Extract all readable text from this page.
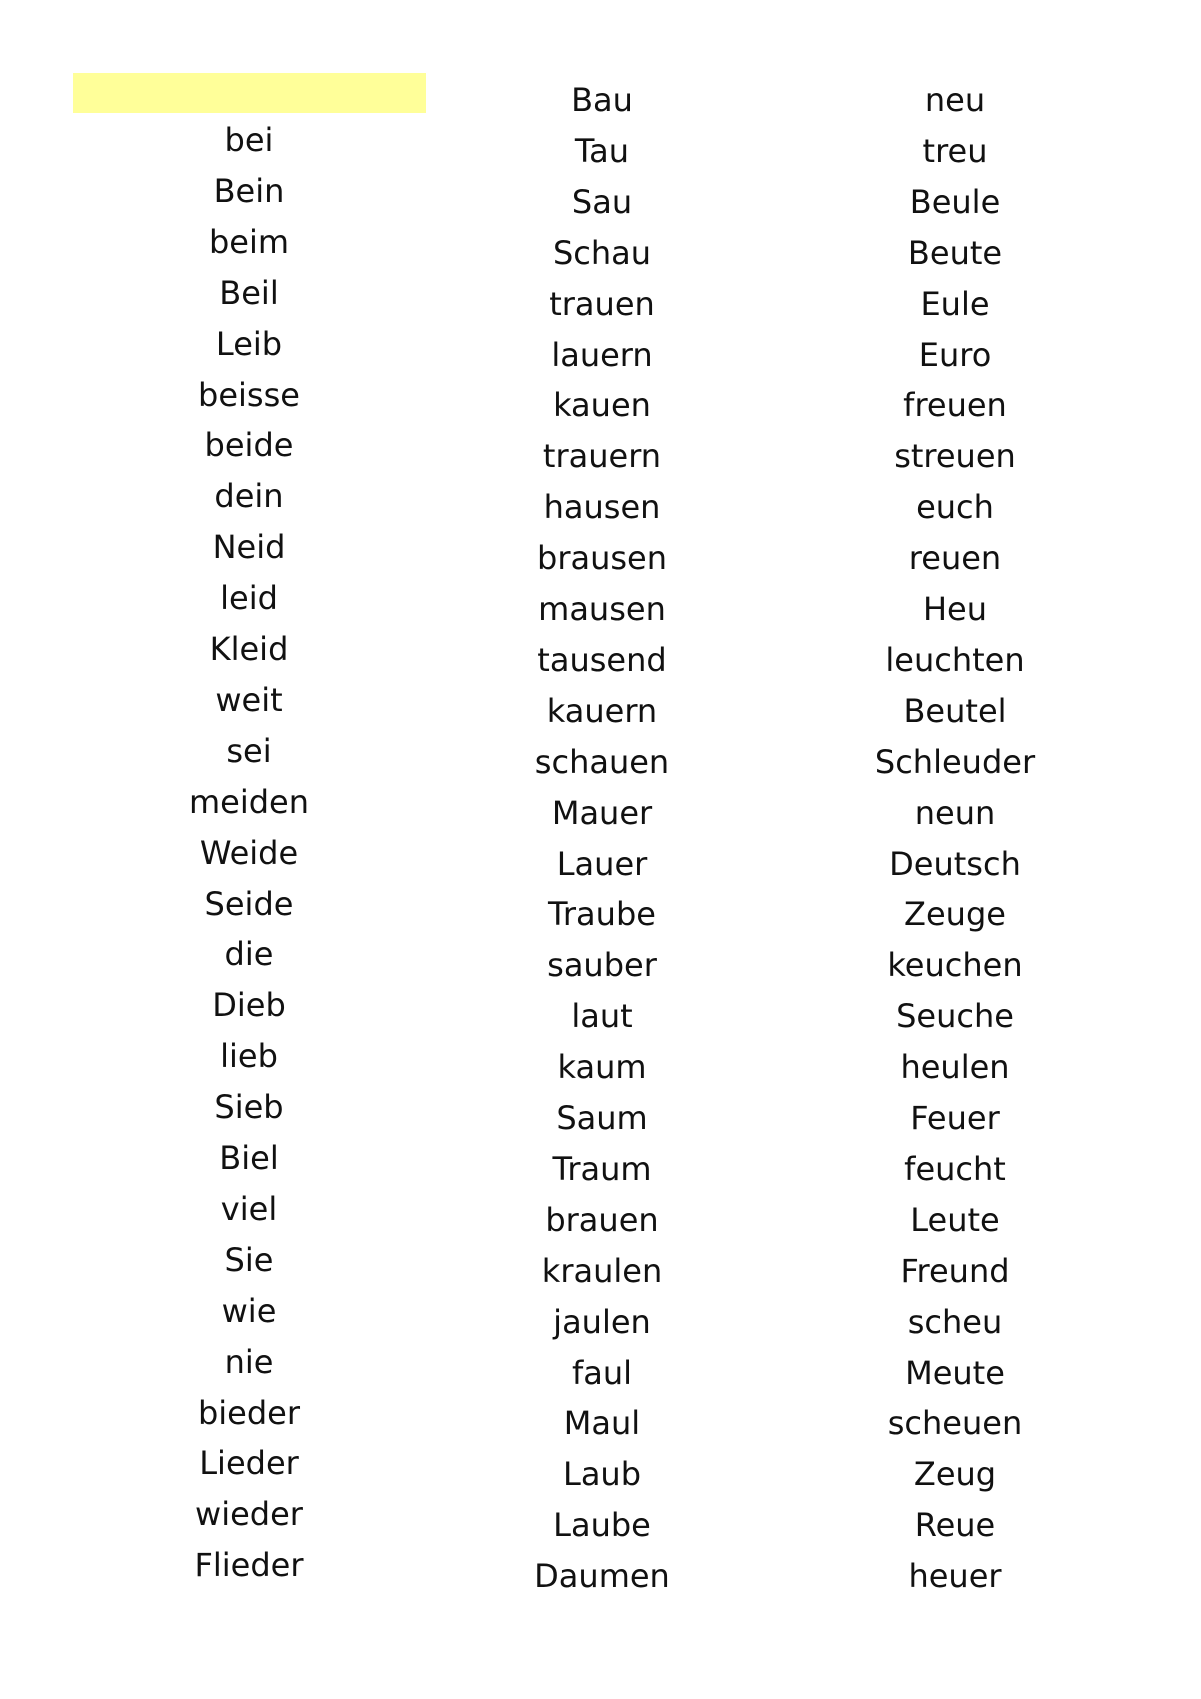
bei
Bein
beim
Beil
Leib
beisse
beide
dein
Neid
leid
Kleid
weit
sei
meiden
Weide
Seide
die
Dieb
lieb
Sieb
Biel
viel
Sie
wie
nie
bieder
Lieder
wieder
Flieder
Bau
Tau
Sau
Schau
trauen
lauern
kauen
trauern
hausen
brausen
mausen
tausend
kauern
schauen
Mauer
Lauer
Traube
sauber
laut
kaum
Saum
Traum
brauen
kraulen
jaulen
faul
Maul
Laub
Laube
Daumen
neu
treu
Beule
Beute
Eule
Euro
freuen
streuen
euch
reuen
Heu
leuchten
Beutel
Schleuder
neun
Deutsch
Zeuge
keuchen
Seuche
heulen
Feuer
feucht
Leute
Freund
scheu
Meute
scheuen
Zeug
Reue
heuer
